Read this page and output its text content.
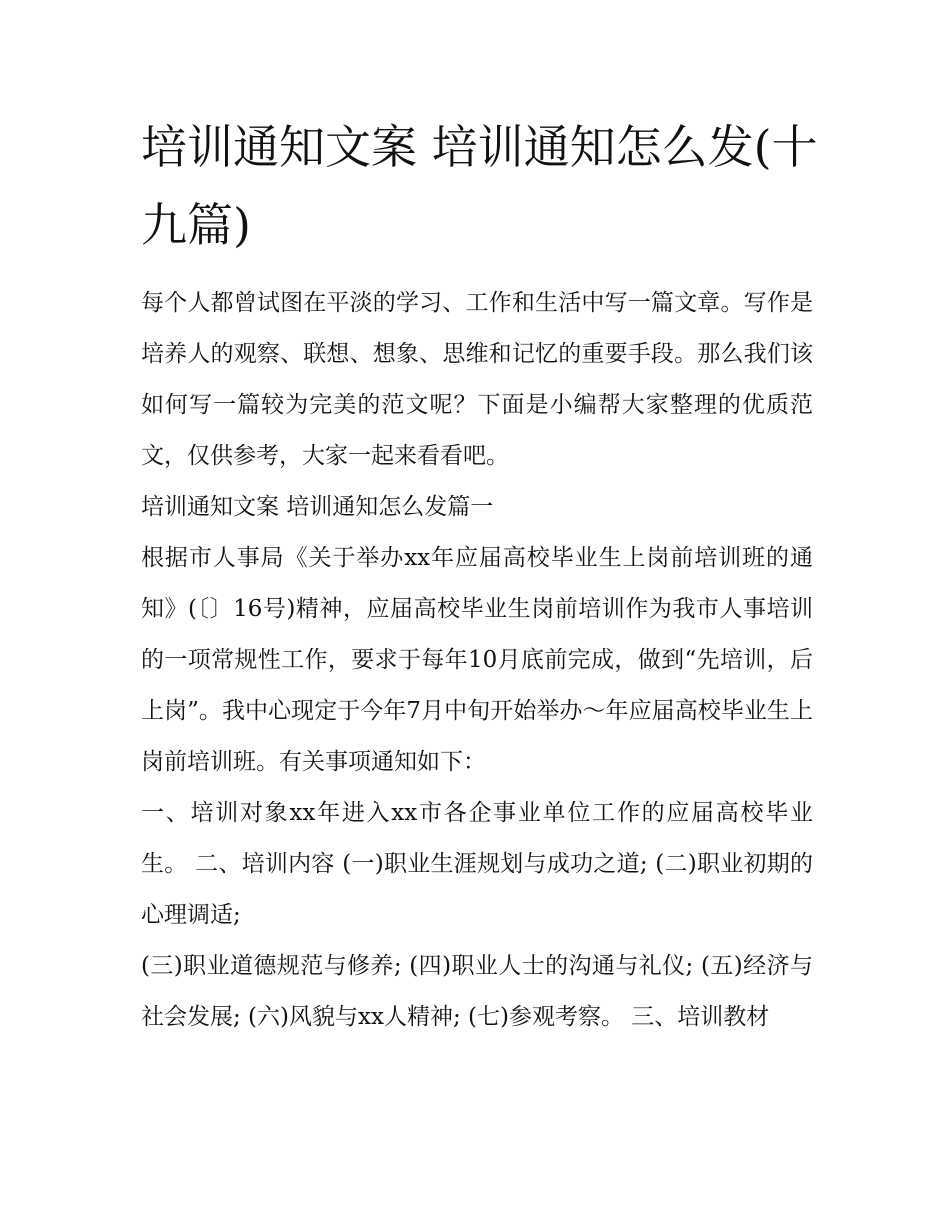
培训通知文案 培训通知怎么发(十九篇)

每个人都曾试图在平淡的学习、工作和生活中写一篇文章。写作是培养人的观察、联想、想象、思维和记忆的重要手段。那么我们该如何写一篇较为完美的范文呢？下面是小编帮大家整理的优质范文，仅供参考，大家一起来看看吧。

培训通知文案 培训通知怎么发篇一

根据市人事局《关于举办xx年应届高校毕业生上岗前培训班的通知》(〔〕16号)精神，应届高校毕业生岗前培训作为我市人事培训的一项常规性工作，要求于每年10月底前完成，做到“先培训，后上岗”。我中心现定于今年7月中旬开始举办～年应届高校毕业生上岗前培训班。有关事项通知如下：

一、培训对象xx年进入xx市各企事业单位工作的应届高校毕业生。 二、培训内容 (一)职业生涯规划与成功之道; (二)职业初期的心理调适;

(三)职业道德规范与修养; (四)职业人士的沟通与礼仪; (五)经济与社会发展; (六)风貌与xx人精神; (七)参观考察。 三、培训教材
